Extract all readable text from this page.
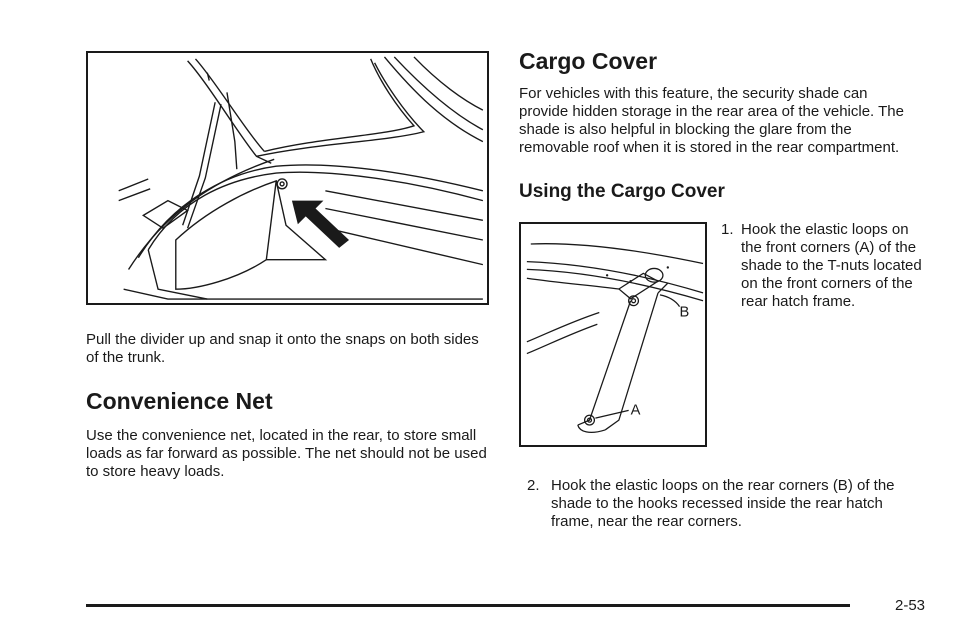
Pull the divider up and snap it onto the snaps on both sides of the trunk.

Convenience Net

Use the convenience net, located in the rear, to store small loads as far forward as possible. The net should not be used to store heavy loads.

Cargo Cover

For vehicles with this feature, the security shade can provide hidden storage in the rear area of the vehicle. The shade is also helpful in blocking the glare from the removable roof when it is stored in the rear compartment.

Using the Cargo Cover
B
A
1. Hook the elastic loops on the front corners (A) of the shade to the T-nuts located on the front corners of the rear hatch frame.
2. Hook the elastic loops on the rear corners (B) of the shade to the hooks recessed inside the rear hatch frame, near the rear corners.
2-53
